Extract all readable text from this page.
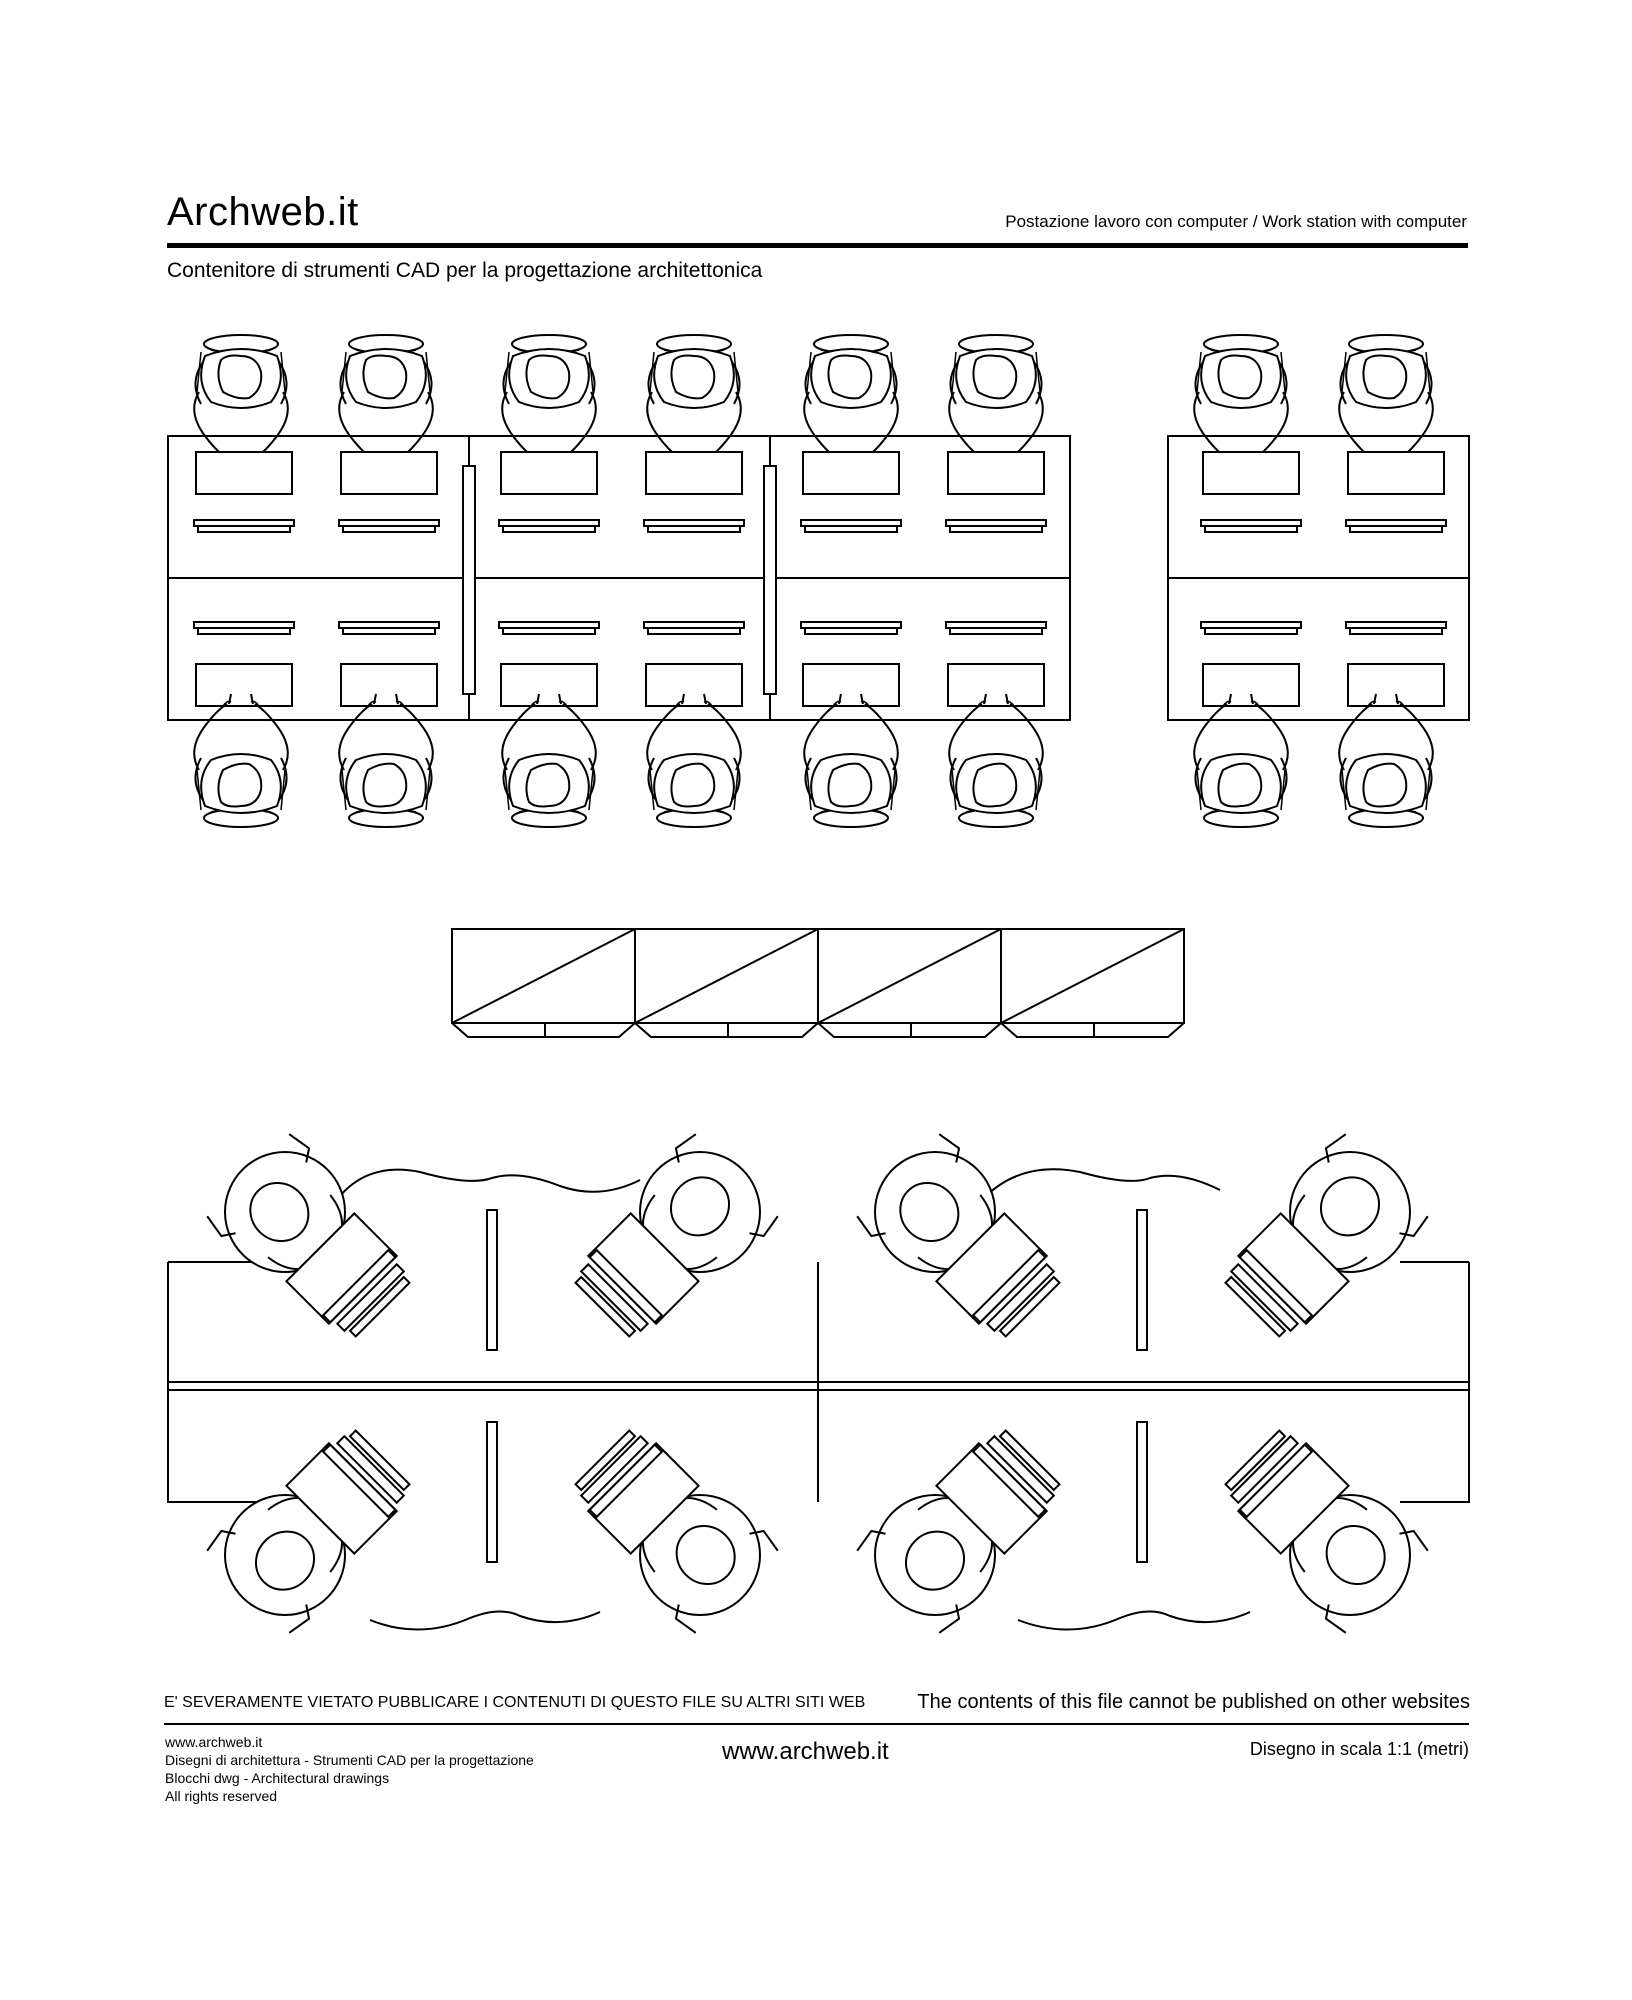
Archweb.it	Postazione lavoro con computer / Work station with computer
Contenitore di strumenti CAD per la progettazione architettonica
E' SEVERAMENTE VIETATO PUBBLICARE I CONTENUTI DI QUESTO FILE SU ALTRI SITI WEB	The contents of this file cannot be published on other websites
www.archweb.it
Disegni di architettura - Strumenti CAD per la progettazione
Blocchi dwg - Architectural drawings
All rights reserved
www.archweb.it	Disegno in scala 1:1 (metri)
